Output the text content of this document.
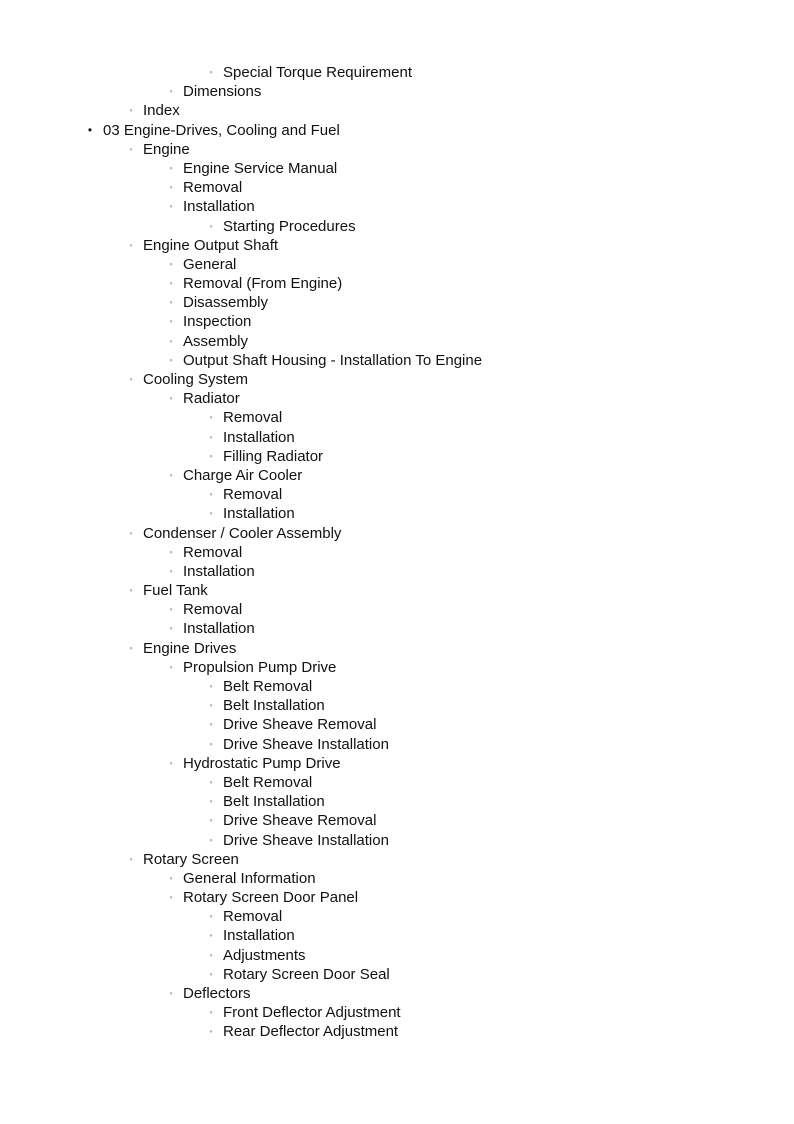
◦ Special Torque Requirement
◦ Dimensions
◦ Index
• 03 Engine-Drives, Cooling and Fuel
◦ Engine
◦ Engine Service Manual
◦ Removal
◦ Installation
◦ Starting Procedures
◦ Engine Output Shaft
◦ General
◦ Removal (From Engine)
◦ Disassembly
◦ Inspection
◦ Assembly
◦ Output Shaft Housing - Installation To Engine
◦ Cooling System
◦ Radiator
◦ Removal
◦ Installation
◦ Filling Radiator
◦ Charge Air Cooler
◦ Removal
◦ Installation
◦ Condenser / Cooler Assembly
◦ Removal
◦ Installation
◦ Fuel Tank
◦ Removal
◦ Installation
◦ Engine Drives
◦ Propulsion Pump Drive
◦ Belt Removal
◦ Belt Installation
◦ Drive Sheave Removal
◦ Drive Sheave Installation
◦ Hydrostatic Pump Drive
◦ Belt Removal
◦ Belt Installation
◦ Drive Sheave Removal
◦ Drive Sheave Installation
◦ Rotary Screen
◦ General Information
◦ Rotary Screen Door Panel
◦ Removal
◦ Installation
◦ Adjustments
◦ Rotary Screen Door Seal
◦ Deflectors
◦ Front Deflector Adjustment
◦ Rear Deflector Adjustment
